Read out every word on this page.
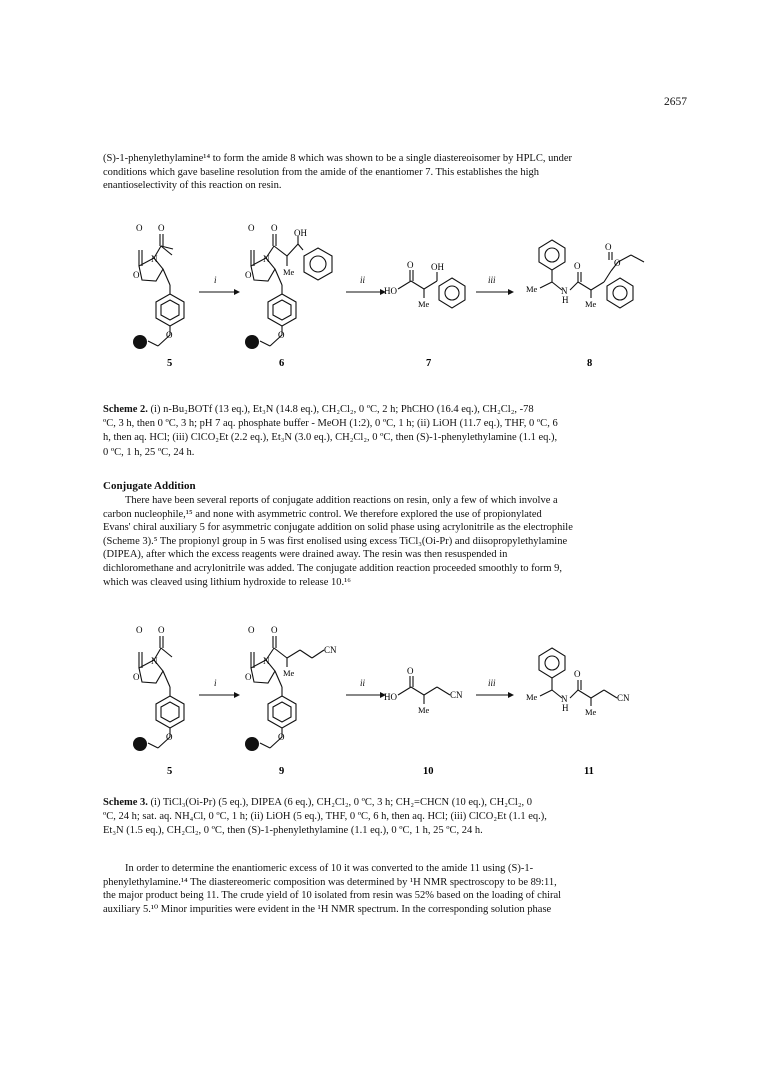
2657
(S)-1-phenylethylamine¹⁴ to form the amide 8 which was shown to be a single diastereoisomer by HPLC, under
conditions which gave baseline resolution from the amide of the enantiomer 7. This establishes the high
enantioselectivity of this reaction on resin.
O O
O
N
O
O O
O
N
OH
Me
O
HO
O OH
Me
Me	N
H
O
O
O
Me
i	ii	iii
5	6	7	8
Scheme 2. (i) n-Bu₂BOTf (13 eq.), Et₃N (14.8 eq.), CH₂Cl₂, 0 ºC, 2 h; PhCHO (16.4 eq.), CH₂Cl₂, -78
ºC, 3 h, then 0 ºC, 3 h; pH 7 aq. phosphate buffer - MeOH (1:2), 0 ºC, 1 h; (ii) LiOH (11.7 eq.), THF, 0 ºC, 6
h, then aq. HCl; (iii) ClCO₂Et (2.2 eq.), Et₃N (3.0 eq.), CH₂Cl₂, 0 ºC, then (S)-1-phenylethylamine (1.1 eq.),
0 ºC, 1 h, 25 ºC, 24 h.
Conjugate Addition
There have been several reports of conjugate addition reactions on resin, only a few of which involve a
carbon nucleophile,¹⁵ and none with asymmetric control. We therefore explored the use of propionylated
Evans' chiral auxiliary 5 for asymmetric conjugate addition on solid phase using acrylonitrile as the electrophile
(Scheme 3).⁵ The propionyl group in 5 was first enolised using excess TiCl₃(Oi-Pr) and diisopropylethylamine
(DIPEA), after which the excess reagents were drained away. The resin was then resuspended in
dichloromethane and acrylonitrile was added. The conjugate addition reaction proceeded smoothly to form 9,
which was cleaved using lithium hydroxide to release 10.¹⁶
O O
O
N
O
O O
O
N
CN
Me
O
HO
O
CN
Me
Me	N
H
O
CN
Me
i	ii	iii
5	9	10	11
Scheme 3. (i) TiCl₃(Oi-Pr) (5 eq.), DIPEA (6 eq.), CH₂Cl₂, 0 ºC, 3 h; CH₂=CHCN (10 eq.), CH₂Cl₂, 0
ºC, 24 h; sat. aq. NH₄Cl, 0 ºC, 1 h; (ii) LiOH (5 eq.), THF, 0 ºC, 6 h, then aq. HCl; (iii) ClCO₂Et (1.1 eq.),
Et₃N (1.5 eq.), CH₂Cl₂, 0 ºC, then (S)-1-phenylethylamine (1.1 eq.), 0 ºC, 1 h, 25 ºC, 24 h.
In order to determine the enantiomeric excess of 10 it was converted to the amide 11 using (S)-1-
phenylethylamine.¹⁴ The diastereomeric composition was determined by ¹H NMR spectroscopy to be 89:11,
the major product being 11. The crude yield of 10 isolated from resin was 52% based on the loading of chiral
auxiliary 5.¹⁰ Minor impurities were evident in the ¹H NMR spectrum. In the corresponding solution phase
